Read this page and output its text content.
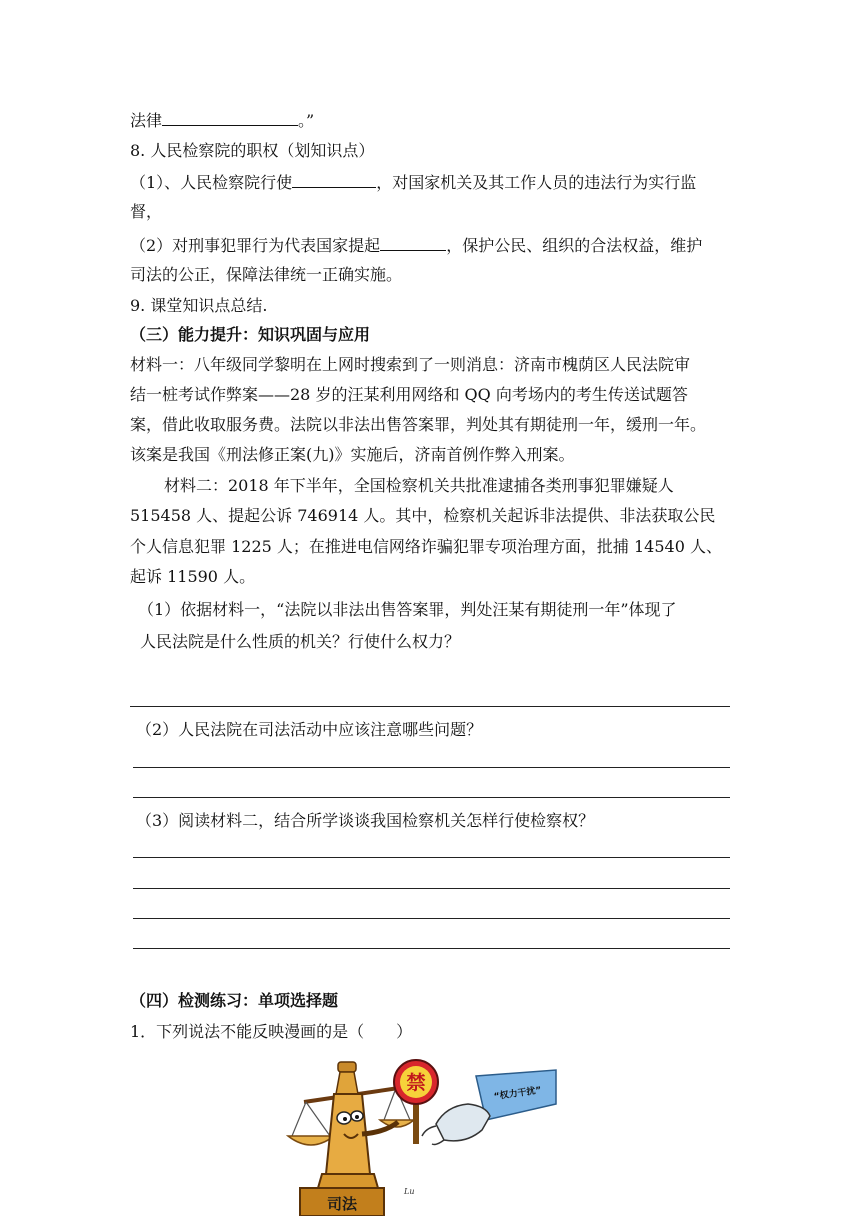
法律	。”
8. 人民检察院的职权（划知识点）
（1）、人民检察院行使	，对国家机关及其工作人员的违法行为实行监
督，
（2）对刑事犯罪行为代表国家提起	，保护公民、组织的合法权益，维护
司法的公正，保障法律统一正确实施。
9. 课堂知识点总结.
（三）能力提升：知识巩固与应用
材料一：八年级同学黎明在上网时搜索到了一则消息：济南市槐荫区人民法院审
结一桩考试作弊案——28 岁的汪某利用网络和 QQ 向考场内的考生传送试题答
案，借此收取服务费。法院以非法出售答案罪，判处其有期徒刑一年，缓刑一年。
该案是我国《刑法修正案(九)》实施后，济南首例作弊入刑案。
材料二：2018 年下半年，全国检察机关共批准逮捕各类刑事犯罪嫌疑人
515458 人、提起公诉 746914 人。其中，检察机关起诉非法提供、非法获取公民
个人信息犯罪 1225 人；在推进电信网络诈骗犯罪专项治理方面，批捕 14540 人、
起诉 11590 人。
（1）依据材料一，“法院以非法出售答案罪，判处汪某有期徒刑一年”体现了
人民法院是什么性质的机关？行使什么权力？
（2）人民法院在司法活动中应该注意哪些问题？
（3）阅读材料二，结合所学谈谈我国检察机关怎样行使检察权？
（四）检测练习：单项选择题
1．下列说法不能反映漫画的是（　　）
司法
Lu
禁
“权力干扰”
